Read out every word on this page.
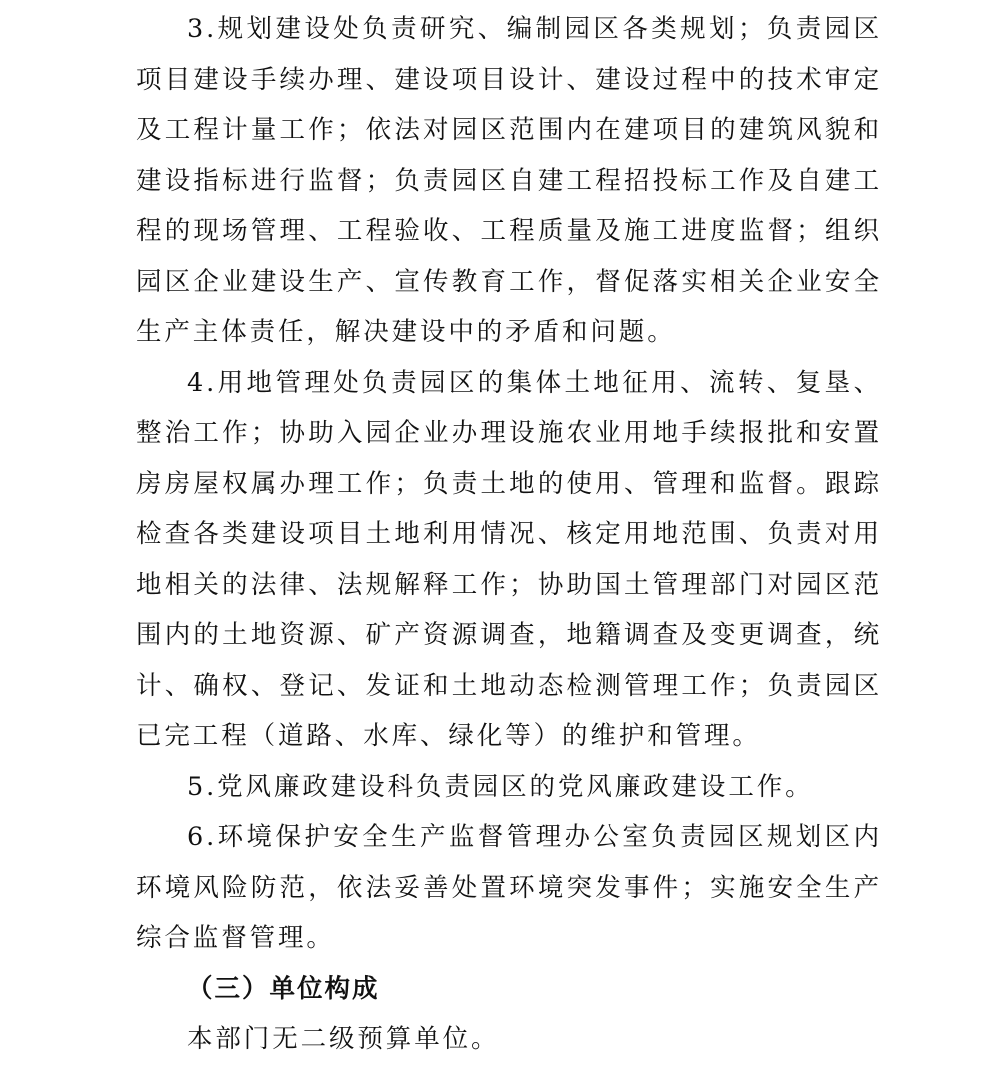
3.规划建设处负责研究、编制园区各类规划；负责园区项目建设手续办理、建设项目设计、建设过程中的技术审定及工程计量工作；依法对园区范围内在建项目的建筑风貌和建设指标进行监督；负责园区自建工程招投标工作及自建工程的现场管理、工程验收、工程质量及施工进度监督；组织园区企业建设生产、宣传教育工作，督促落实相关企业安全生产主体责任，解决建设中的矛盾和问题。

4.用地管理处负责园区的集体土地征用、流转、复垦、整治工作；协助入园企业办理设施农业用地手续报批和安置房房屋权属办理工作；负责土地的使用、管理和监督。跟踪检查各类建设项目土地利用情况、核定用地范围、负责对用地相关的法律、法规解释工作；协助国土管理部门对园区范围内的土地资源、矿产资源调查，地籍调查及变更调查，统计、确权、登记、发证和土地动态检测管理工作；负责园区已完工程（道路、水库、绿化等）的维护和管理。

5.党风廉政建设科负责园区的党风廉政建设工作。

6.环境保护安全生产监督管理办公室负责园区规划区内环境风险防范，依法妥善处置环境突发事件；实施安全生产综合监督管理。

（三）单位构成

本部门无二级预算单位。
